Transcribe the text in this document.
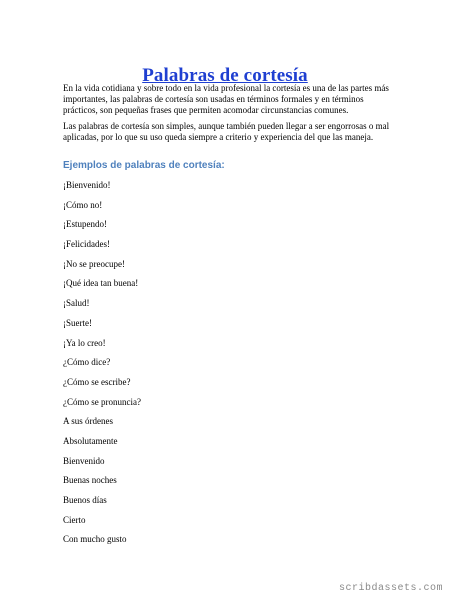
Palabras de cortesía

En la vida cotidiana y sobre todo en la vida profesional la cortesía es una de las partes más importantes, las palabras de cortesía son usadas en términos formales y en términos prácticos, son pequeñas frases que permiten acomodar circunstancias comunes.

Las palabras de cortesía son simples, aunque también pueden llegar a ser engorrosas o mal aplicadas, por lo que su uso queda siempre a criterio y experiencia del que las maneja.

Ejemplos de palabras de cortesía:
¡Bienvenido!
¡Cómo no!
¡Estupendo!
¡Felicidades!
¡No se preocupe!
¡Qué idea tan buena!
¡Salud!
¡Suerte!
¡Ya lo creo!
¿Cómo dice?
¿Cómo se escribe?
¿Cómo se pronuncia?
A sus órdenes
Absolutamente
Bienvenido
Buenas noches
Buenos días
Cierto
Con mucho gusto
scribdassets.com
